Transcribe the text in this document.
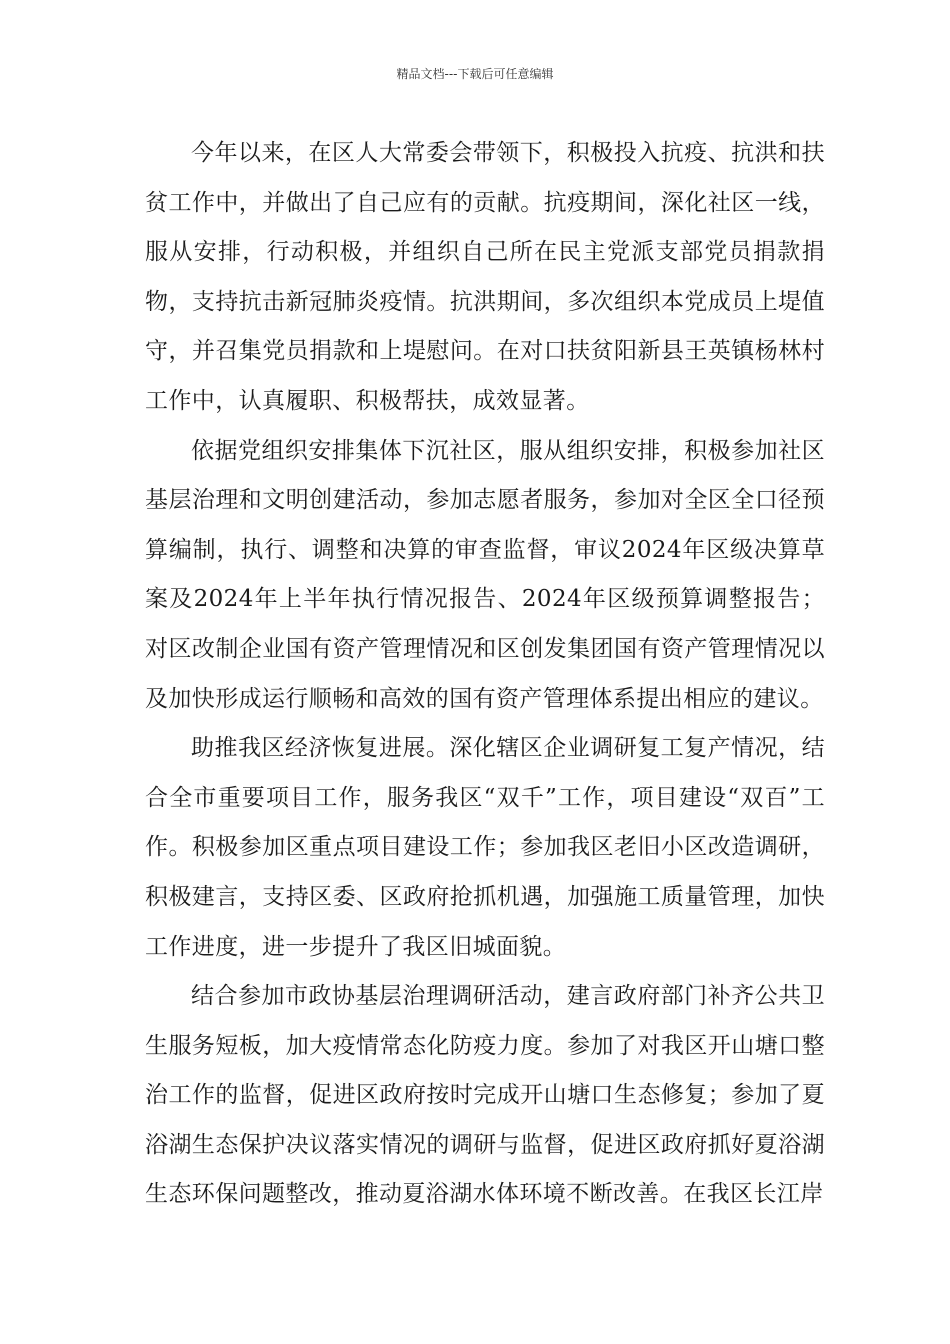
精品文档---下载后可任意编辑

今年以来，在区人大常委会带领下，积极投入抗疫、抗洪和扶贫工作中，并做出了自己应有的贡献。抗疫期间，深化社区一线，服从安排，行动积极，并组织自己所在民主党派支部党员捐款捐物，支持抗击新冠肺炎疫情。抗洪期间，多次组织本党成员上堤值守，并召集党员捐款和上堤慰问。在对口扶贫阳新县王英镇杨林村工作中，认真履职、积极帮扶，成效显著。

依据党组织安排集体下沉社区，服从组织安排，积极参加社区基层治理和文明创建活动，参加志愿者服务，参加对全区全口径预算编制，执行、调整和决算的审查监督，审议2024年区级决算草案及2024年上半年执行情况报告、2024年区级预算调整报告；对区改制企业国有资产管理情况和区创发集团国有资产管理情况以及加快形成运行顺畅和高效的国有资产管理体系提出相应的建议。

助推我区经济恢复进展。深化辖区企业调研复工复产情况，结合全市重要项目工作，服务我区“双千”工作，项目建设“双百”工作。积极参加区重点项目建设工作；参加我区老旧小区改造调研，积极建言，支持区委、区政府抢抓机遇，加强施工质量管理，加快工作进度，进一步提升了我区旧城面貌。

结合参加市政协基层治理调研活动，建言政府部门补齐公共卫生服务短板，加大疫情常态化防疫力度。参加了对我区开山塘口整治工作的监督，促进区政府按时完成开山塘口生态修复；参加了夏浴湖生态保护决议落实情况的调研与监督，促进区政府抓好夏浴湖生态环保问题整改，推动夏浴湖水体环境不断改善。在我区长江岸
